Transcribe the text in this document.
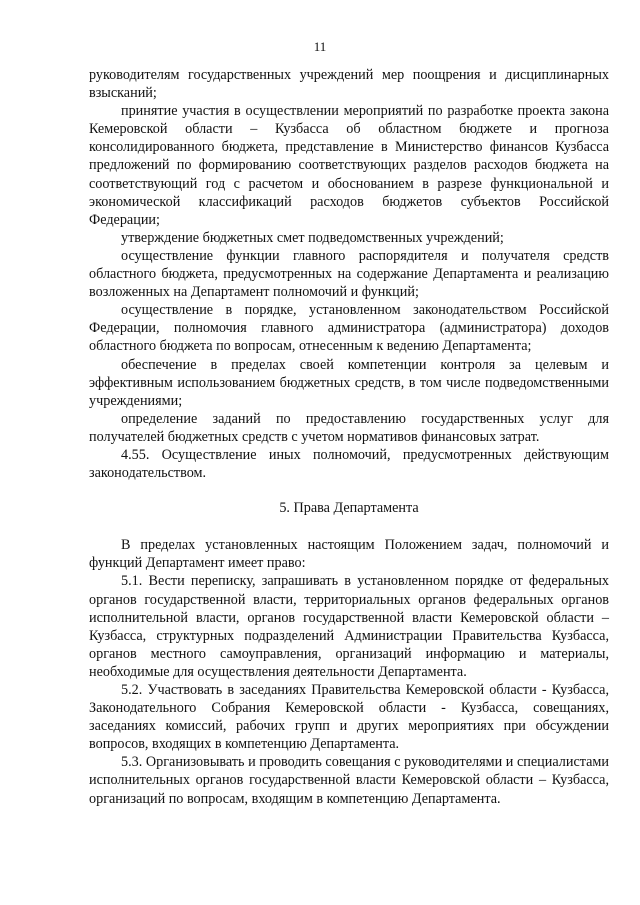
11

руководителям государственных учреждений мер поощрения и дисциплинарных взысканий;

принятие участия в осуществлении мероприятий по разработке проекта закона Кемеровской области – Кузбасса об областном бюджете и прогноза консолидированного бюджета, представление в Министерство финансов Кузбасса предложений по формированию соответствующих разделов расходов бюджета на соответствующий год с расчетом и обоснованием в разрезе функциональной и экономической классификаций расходов бюджетов субъектов Российской Федерации;

утверждение бюджетных смет подведомственных учреждений;

осуществление функции главного распорядителя и получателя средств областного бюджета, предусмотренных на содержание Департамента и реализацию возложенных на Департамент полномочий и функций;

осуществление в порядке, установленном законодательством Российской Федерации, полномочия главного администратора (администратора) доходов областного бюджета по вопросам, отнесенным к ведению Департамента;

обеспечение в пределах своей компетенции контроля за целевым и эффективным использованием бюджетных средств, в том числе подведомственными учреждениями;

определение заданий по предоставлению государственных услуг для получателей бюджетных средств с учетом нормативов финансовых затрат.

4.55. Осуществление иных полномочий, предусмотренных действующим законодательством.

5. Права Департамента

В пределах установленных настоящим Положением задач, полномочий и функций Департамент имеет право:

5.1. Вести переписку, запрашивать в установленном порядке от федеральных органов государственной власти, территориальных органов федеральных органов исполнительной власти, органов государственной власти Кемеровской области – Кузбасса, структурных подразделений Администрации Правительства Кузбасса, органов местного самоуправления, организаций информацию и материалы, необходимые для осуществления деятельности Департамента.

5.2. Участвовать в заседаниях Правительства Кемеровской области - Кузбасса, Законодательного Собрания Кемеровской области - Кузбасса, совещаниях, заседаниях комиссий, рабочих групп и других мероприятиях при обсуждении вопросов, входящих в компетенцию Департамента.

5.3. Организовывать и проводить совещания с руководителями и специалистами исполнительных органов государственной власти Кемеровской области – Кузбасса, организаций по вопросам, входящим в компетенцию Департамента.
